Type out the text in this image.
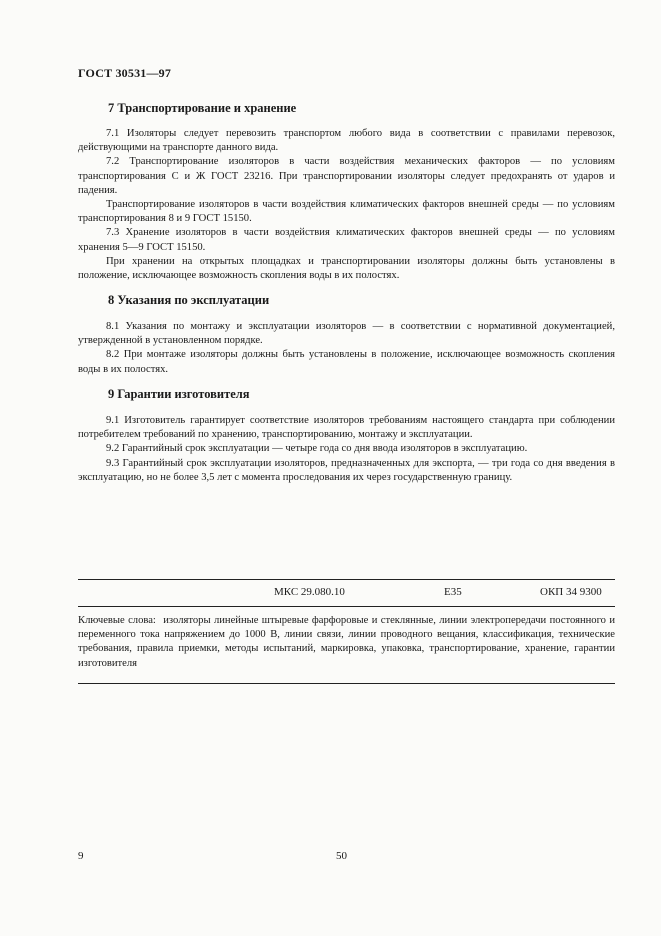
ГОСТ 30531—97
7 Транспортирование и хранение

7.1 Изоляторы следует перевозить транспортом любого вида в соответствии с правилами перевозок, действующими на транспорте данного вида.

7.2 Транспортирование изоляторов в части воздействия механических факторов — по условиям транспортирования С и Ж ГОСТ 23216. При транспортировании изоляторы следует предохранять от ударов и падения.

Транспортирование изоляторов в части воздействия климатических факторов внешней среды — по условиям транспортирования 8 и 9 ГОСТ 15150.

7.3 Хранение изоляторов в части воздействия климатических факторов внешней среды — по условиям хранения 5—9 ГОСТ 15150.

При хранении на открытых площадках и транспортировании изоляторы должны быть установлены в положение, исключающее возможность скопления воды в их полостях.

8 Указания по эксплуатации

8.1 Указания по монтажу и эксплуатации изоляторов — в соответствии с нормативной документацией, утвержденной в установленном порядке.

8.2 При монтаже изоляторы должны быть установлены в положение, исключающее возможность скопления воды в их полостях.

9 Гарантии изготовителя

9.1 Изготовитель гарантирует соответствие изоляторов требованиям настоящего стандарта при соблюдении потребителем требований по хранению, транспортированию, монтажу и эксплуатации.

9.2 Гарантийный срок эксплуатации — четыре года со дня ввода изоляторов в эксплуатацию.

9.3 Гарантийный срок эксплуатации изоляторов, предназначенных для экспорта, — три года со дня введения в эксплуатацию, но не более 3,5 лет с момента проследования их через государственную границу.

МКС 29.080.10	Е35	ОКП 34 9300
Ключевые слова: изоляторы линейные штыревые фарфоровые и стеклянные, линии электропередачи постоянного и переменного тока напряжением до 1000 В, линии связи, линии проводного вещания, классификация, технические требования, правила приемки, методы испытаний, маркировка, упаковка, транспортирование, хранение, гарантии изготовителя
9	50
